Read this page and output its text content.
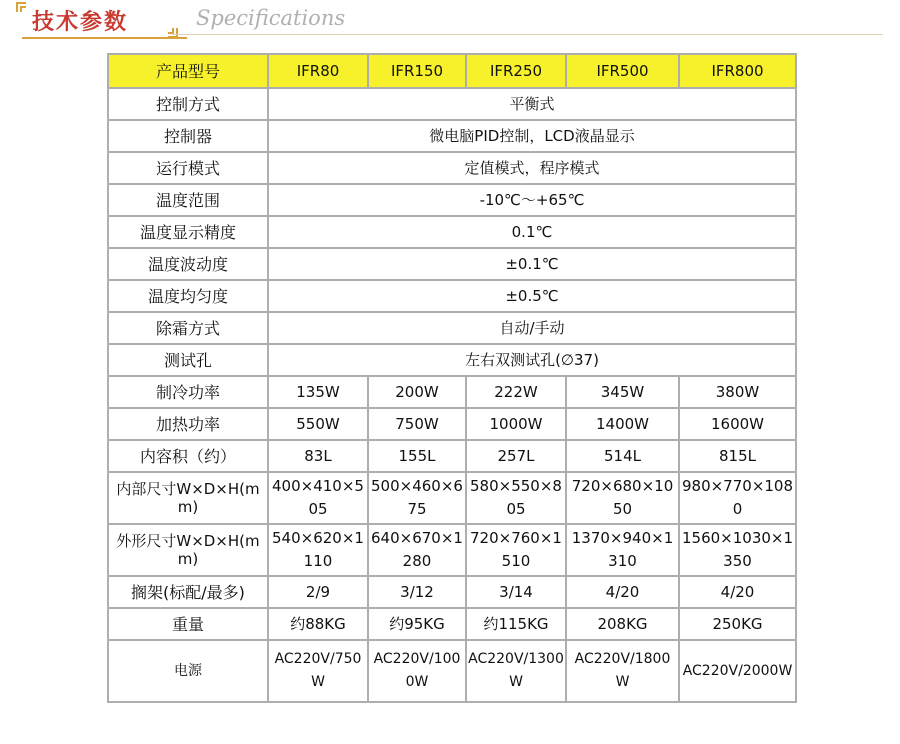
技术参数	Specifications
产品型号	IFR80	IFR150	IFR250	IFR500	IFR800
控制方式	平衡式				
控制器	微电脑PID控制，LCD液晶显示				
运行模式	定值模式，程序模式				
温度范围	-10℃～+65℃				
温度显示精度	0.1℃				
温度波动度	±0.1℃				
温度均匀度	±0.5℃				
除霜方式	自动/手动				
测试孔	左右双测试孔(∅37)				
制冷功率	135W	200W	222W	345W	380W
加热功率	550W	750W	1000W	1400W	1600W
内容积（约）	83L	155L	257L	514L	815L
内部尺寸W×D×H(mm)	400×410×505	500×460×675	580×550×805	720×680×1050	980×770×1080
外形尺寸W×D×H(mm)	540×620×1110	640×670×1280	720×760×1510	1370×940×1310	1560×1030×1350
搁架(标配/最多)	2/9	3/12	3/14	4/20	4/20
重量	约88KG	约95KG	约115KG	208KG	250KG
电源	AC220V/750W	AC220V/1000W	AC220V/1300W	AC220V/1800W	AC220V/2000W
